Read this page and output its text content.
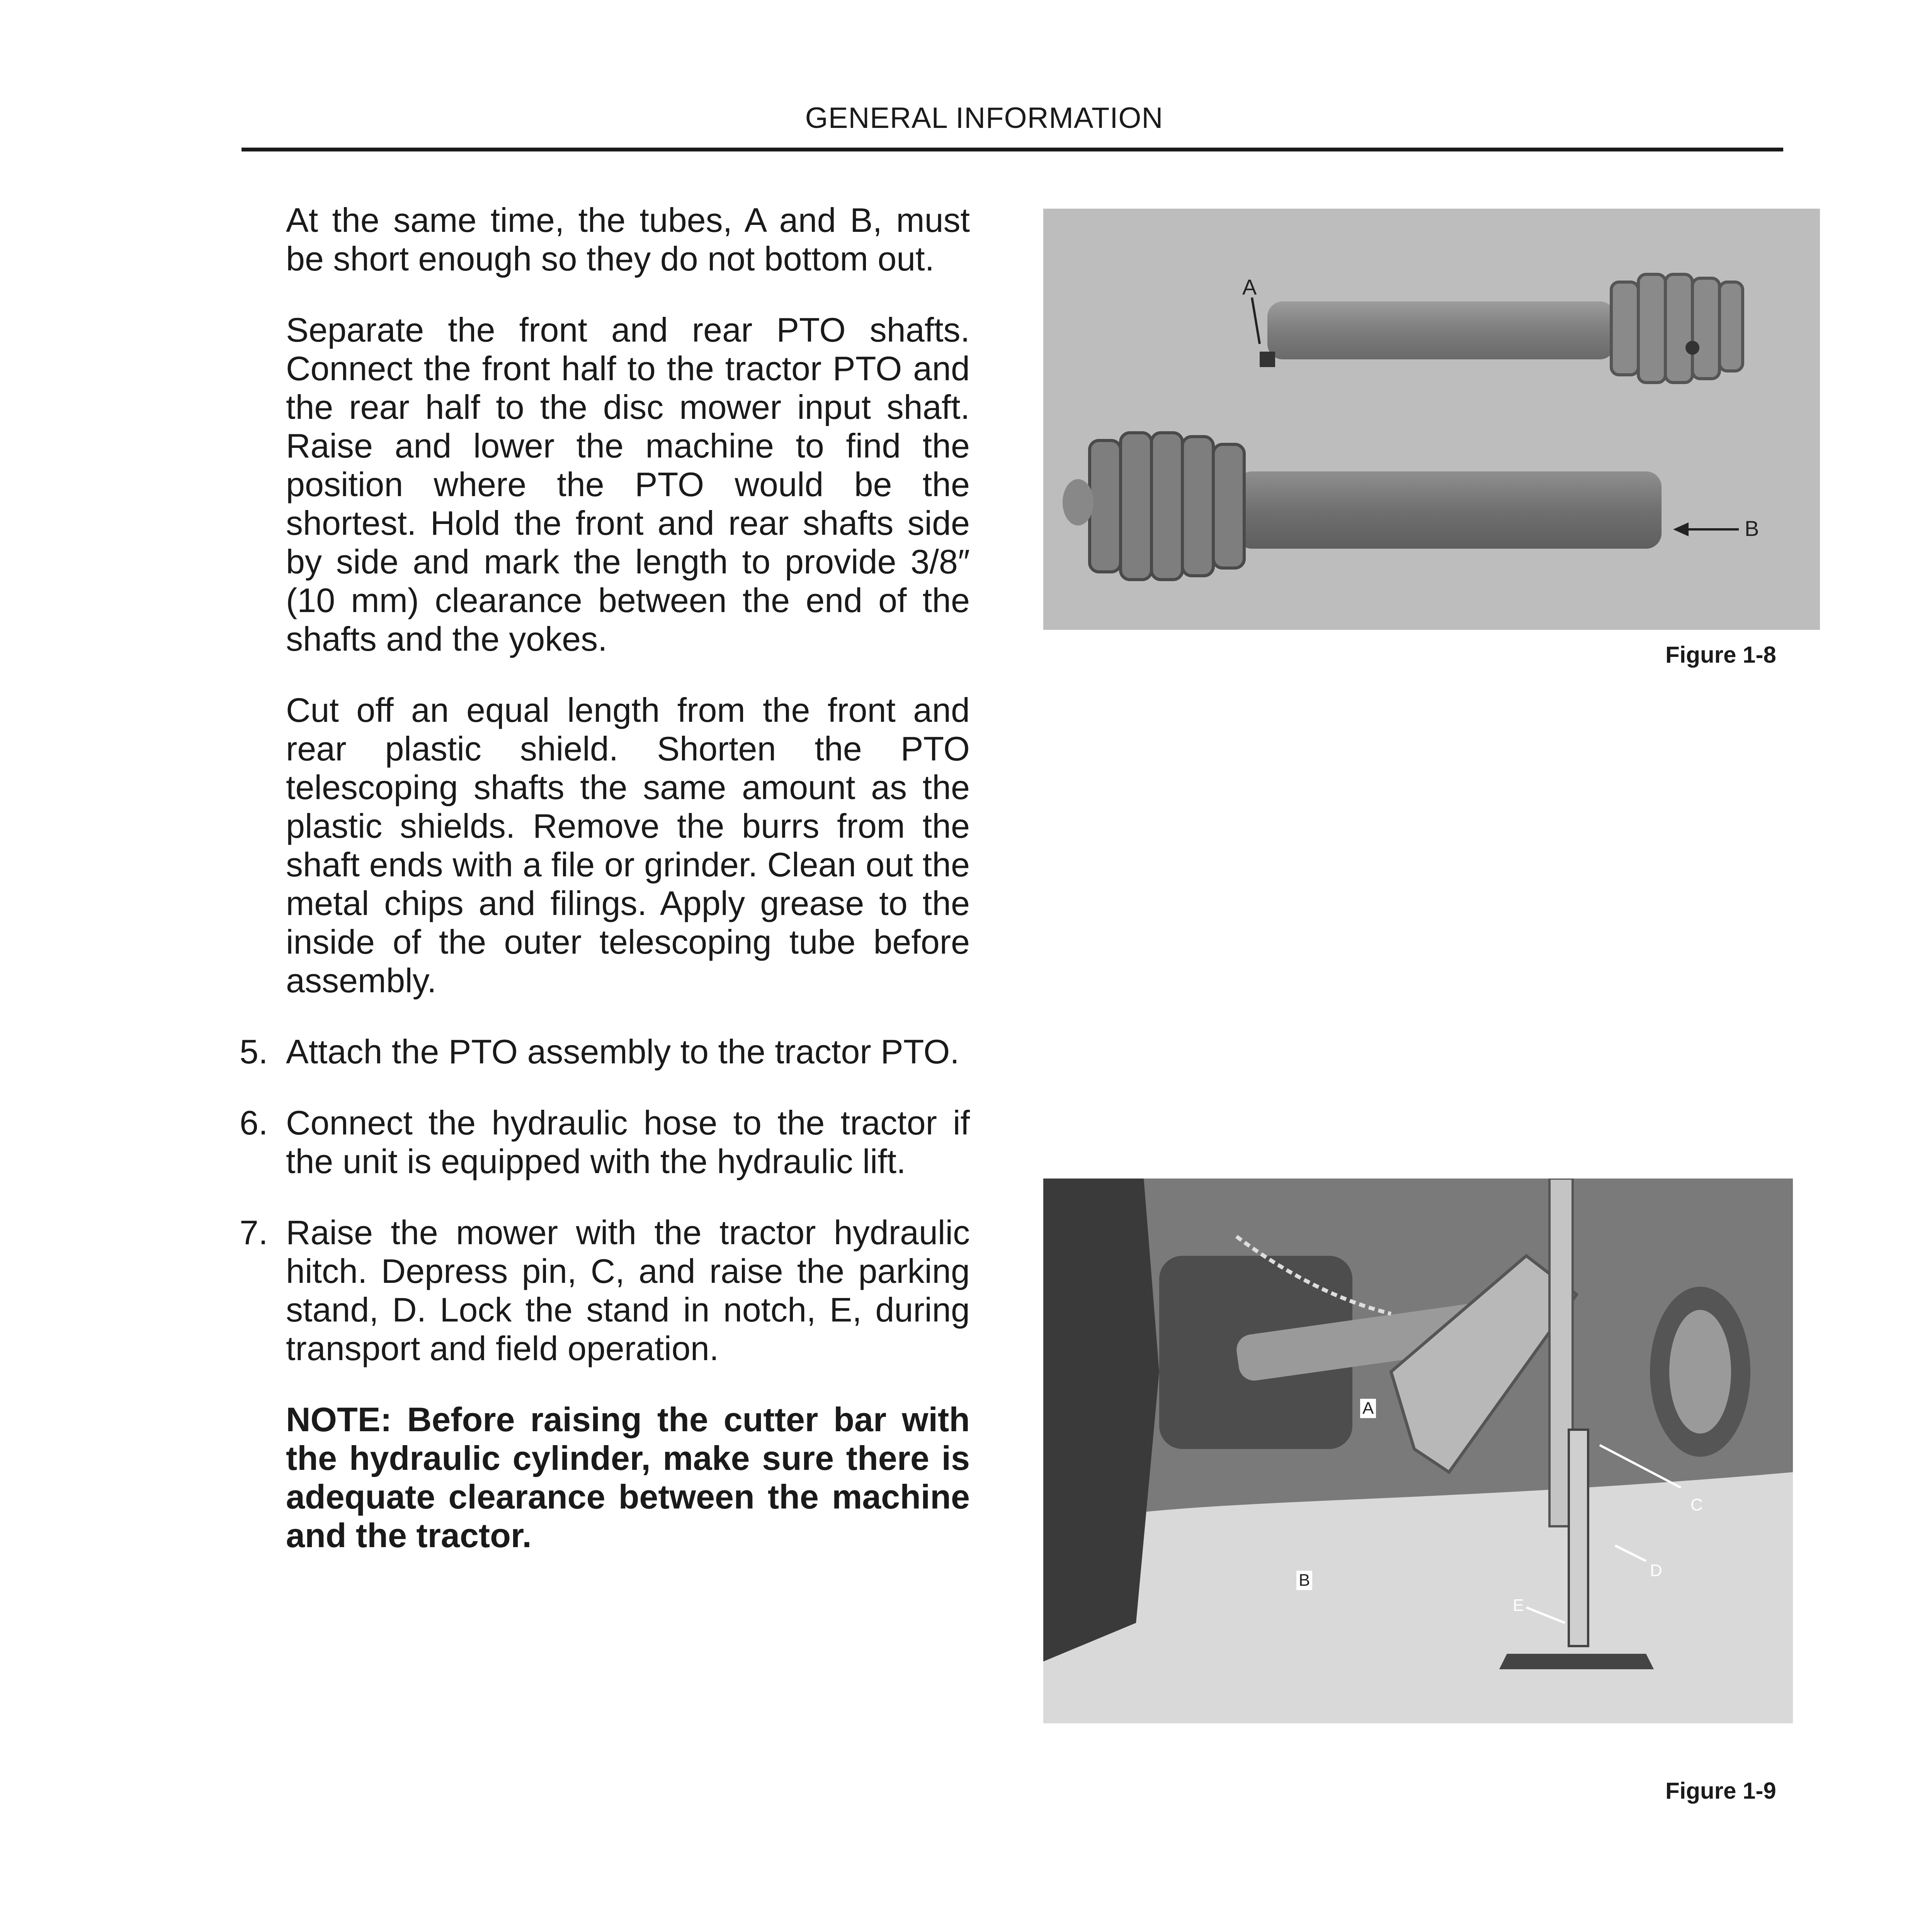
GENERAL INFORMATION

At the same time, the tubes, A and B, must be short enough so they do not bottom out.

Separate the front and rear PTO shafts. Connect the front half to the tractor PTO and the rear half to the disc mower input shaft. Raise and lower the machine to find the position where the PTO would be the shortest. Hold the front and rear shafts side by side and mark the length to provide 3/8″ (10 mm) clearance between the end of the shafts and the yokes.

Cut off an equal length from the front and rear plastic shield. Shorten the PTO telescoping shafts the same amount as the plastic shields. Remove the burrs from the shaft ends with a file or grinder. Clean out the metal chips and filings. Apply grease to the inside of the outer telescoping tube before assembly.

5. Attach the PTO assembly to the tractor PTO.
6. Connect the hydraulic hose to the tractor if the unit is equipped with the hydraulic lift.
7. Raise the mower with the tractor hydraulic hitch. Depress pin, C, and raise the parking stand, D. Lock the stand in notch, E, during transport and field operation.

NOTE: Before raising the cutter bar with the hydraulic cylinder, make sure there is adequate clearance between the machine and the tractor.

A
B
Figure 1-8
A
B
C
D
E
Figure 1-9
